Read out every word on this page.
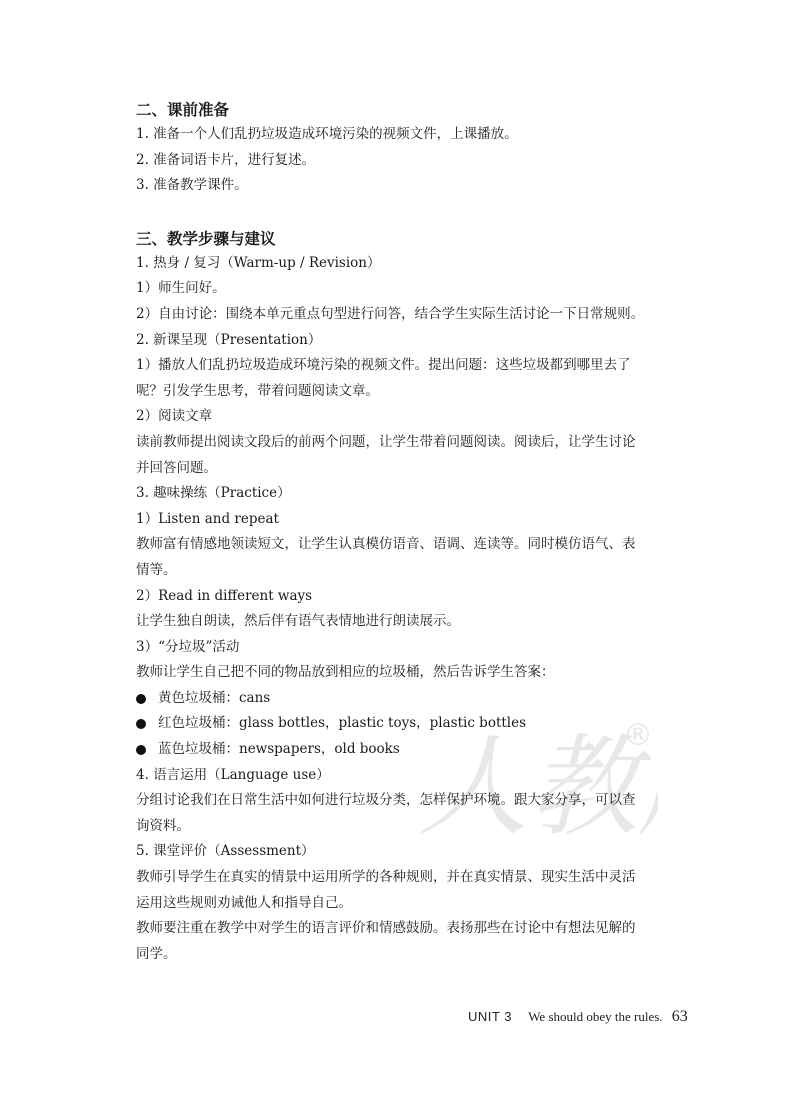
人教
®
二、课前准备

1. 准备一个人们乱扔垃圾造成环境污染的视频文件，上课播放。

2. 准备词语卡片，进行复述。

3. 准备教学课件。

三、教学步骤与建议

1. 热身 / 复习（Warm-up / Revision）

1）师生问好。

2）自由讨论：围绕本单元重点句型进行问答，结合学生实际生活讨论一下日常规则。

2. 新课呈现（Presentation）

1）播放人们乱扔垃圾造成环境污染的视频文件。提出问题：这些垃圾都到哪里去了

呢？引发学生思考，带着问题阅读文章。

2）阅读文章

读前教师提出阅读文段后的前两个问题，让学生带着问题阅读。阅读后，让学生讨论

并回答问题。

3. 趣味操练（Practice）

1）Listen and repeat

教师富有情感地领读短文，让学生认真模仿语音、语调、连读等。同时模仿语气、表

情等。

2）Read in different ways

让学生独自朗读，然后伴有语气表情地进行朗读展示。

3）“分垃圾”活动

教师让学生自己把不同的物品放到相应的垃圾桶，然后告诉学生答案：

黄色垃圾桶：cans
红色垃圾桶：glass bottles，plastic toys，plastic bottles
蓝色垃圾桶：newspapers，old books

4. 语言运用（Language use）

分组讨论我们在日常生活中如何进行垃圾分类，怎样保护环境。跟大家分享，可以查

询资料。

5. 课堂评价（Assessment）

教师引导学生在真实的情景中运用所学的各种规则，并在真实情景、现实生活中灵活

运用这些规则劝诫他人和指导自己。

教师要注重在教学中对学生的语言评价和情感鼓励。表扬那些在讨论中有想法见解的

同学。

UNIT 3 We should obey the rules. 63
